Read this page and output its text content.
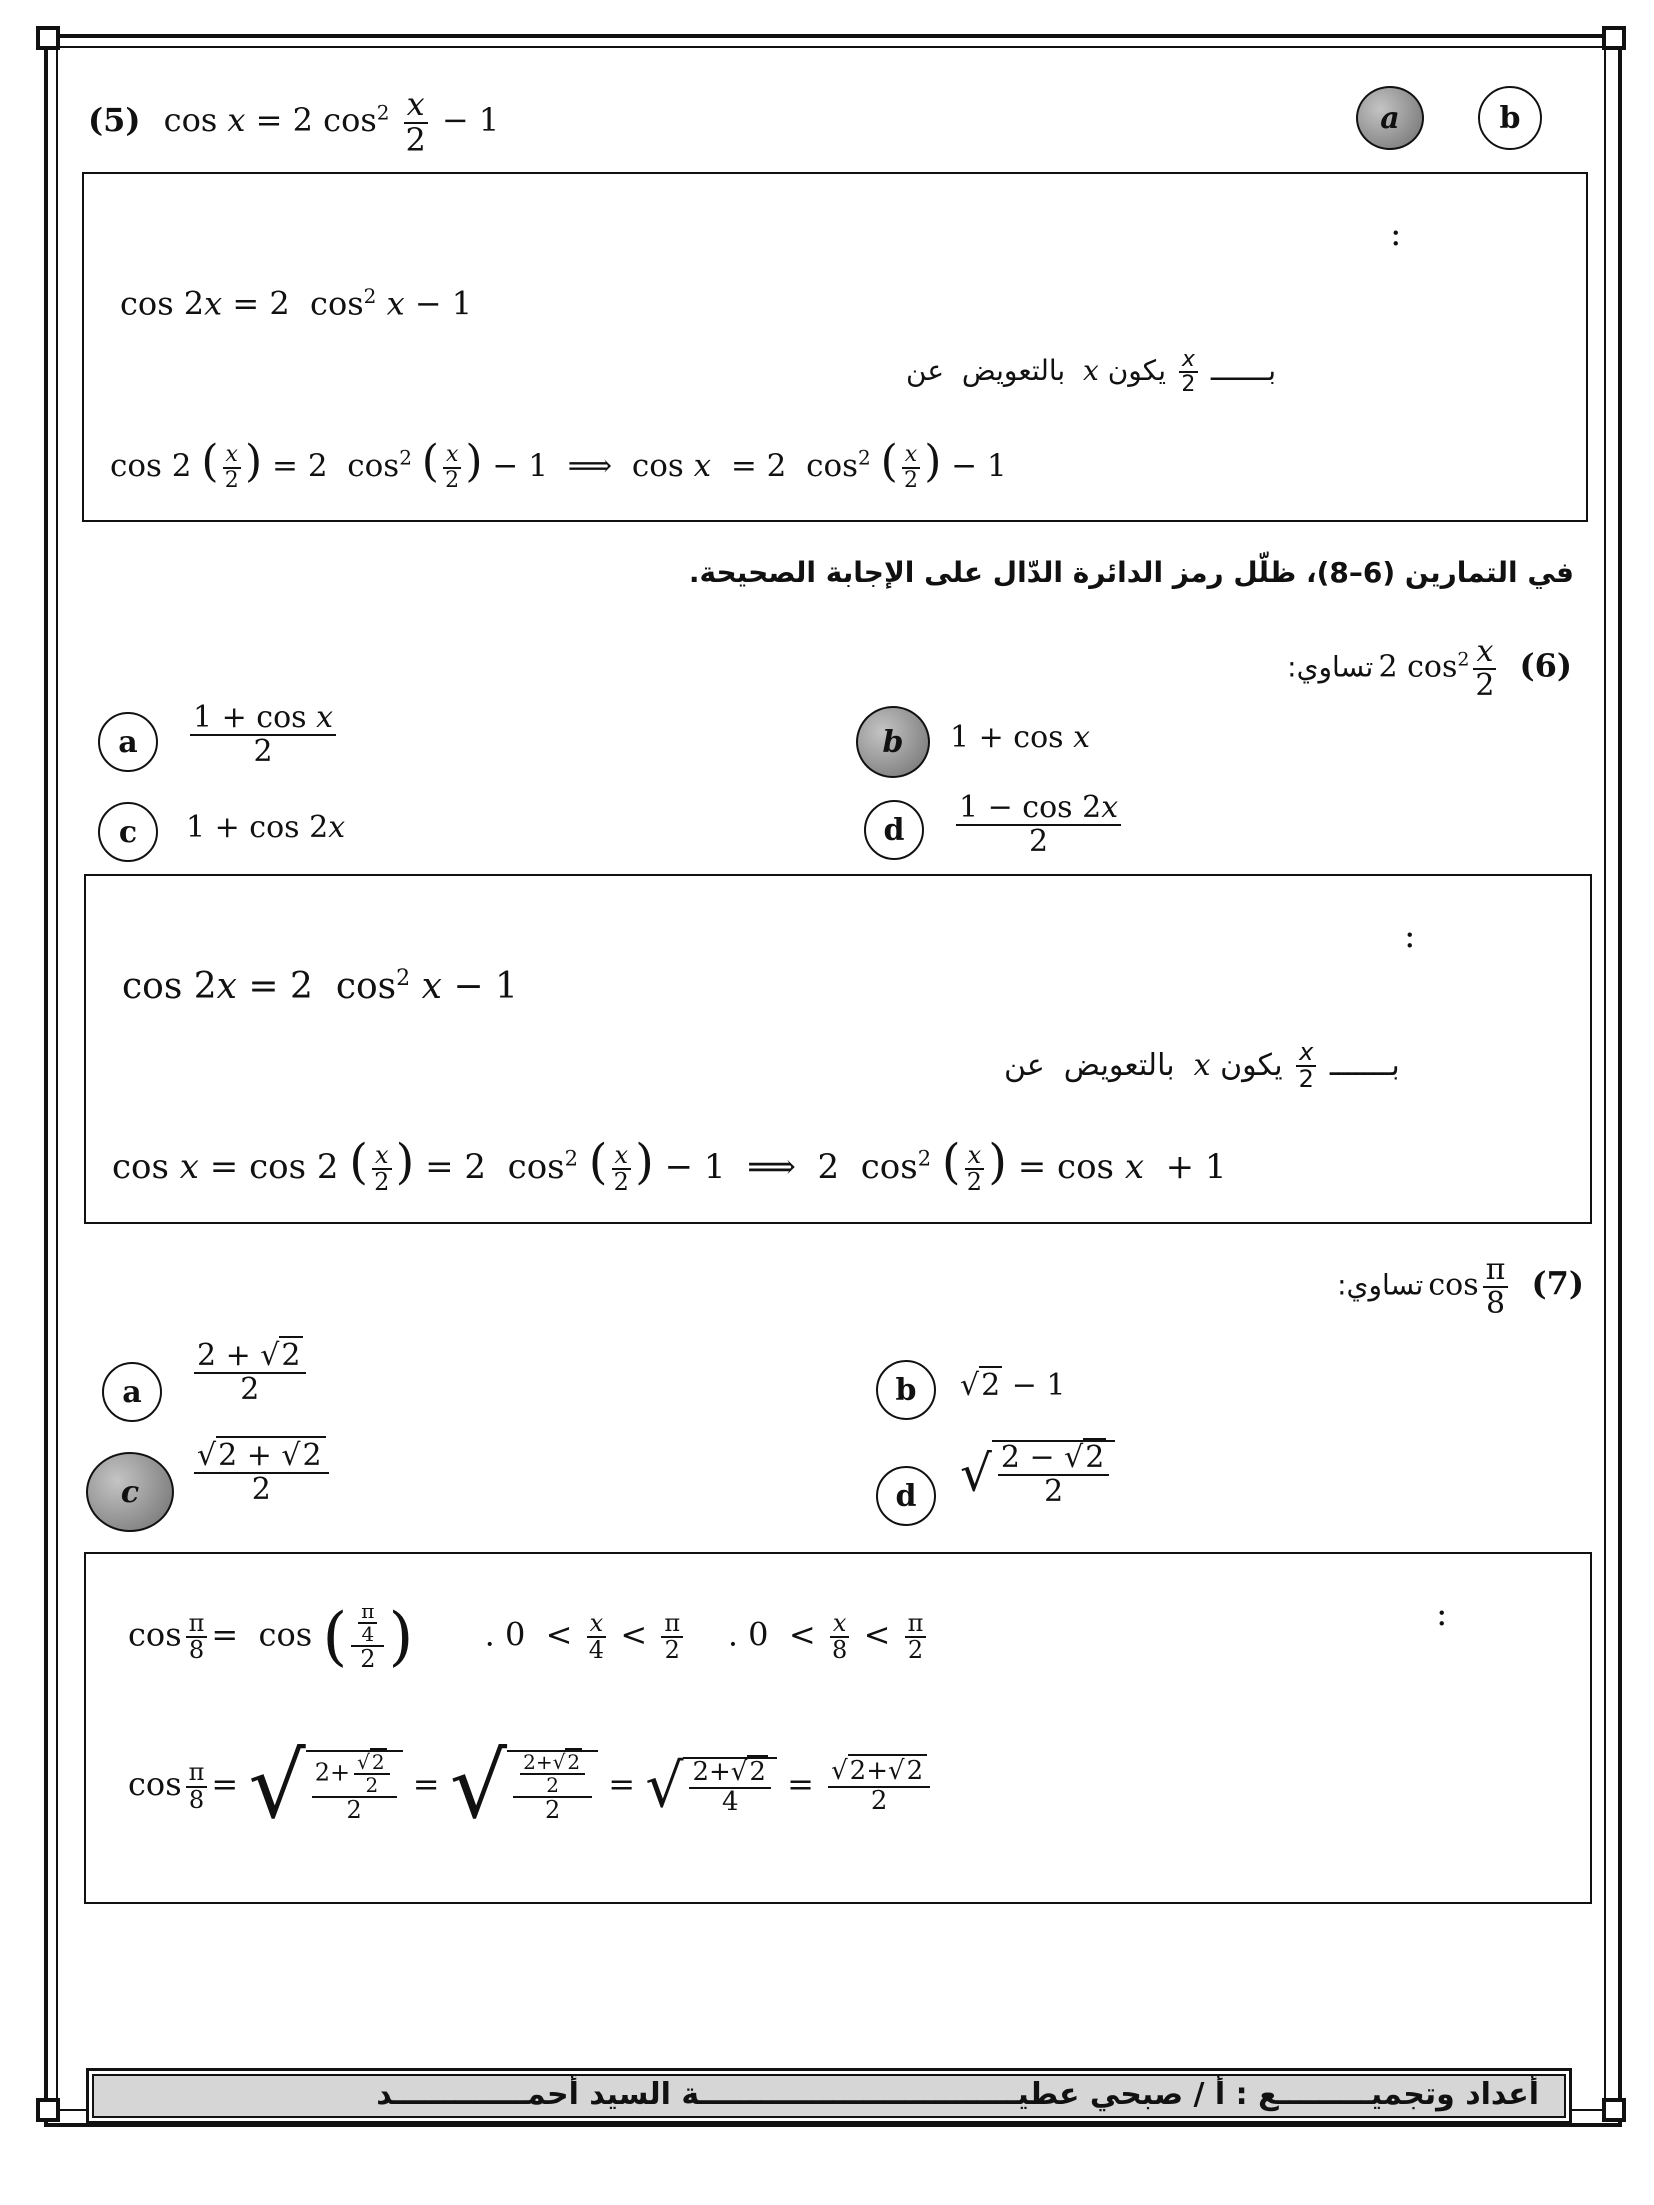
(5) cos x = 2 $\cos^2 \frac{x}{2} - 1$	a	b
:
cos 2x = 2  $\cos^2 x - 1$
بالتعويض  عن  x بـــــــ
$\frac{x}{2}$
يكون
cos 2 ( $\frac{x}{2}$ ) = 2  $\cos^2$ ( $\frac{x}{2}$ ) − 1  ⟹  cos x  = 2  $\cos^2$ ( $\frac{x}{2}$ ) − 1
في التمارين (6–8)، ظلّل رمز الدائرة الدّال على الإجابة الصحيحة.
(6) 2 $\cos^2 \frac{x}{2}$
تساوي:
a $\frac{\text{1 + cos x}}{2}$	b 1 + cos x
c 1 + cos 2x	d $\frac{1 - \cos 2x}{2}$
:
cos 2x = 2  $\cos^2 x - 1$
بالتعويض  عن  x بـــــــ
$\frac{x}{2}$
يكون
cos x = cos 2 ( $\frac{x}{2}$ ) = 2  $\cos^2$ ( $\frac{x}{2}$ ) − 1  ⟹  2  $\cos^2$ ( $\frac{x}{2}$ ) = cos x  + 1
(7) $\cos \frac{\pi}{8}$
تساوي:
a $\frac{2 + √2}{2}$	b √2 − 1
c $\frac{√2 + √2}{2}$	d √ $\frac{2 - √2}{2}$
:
$\cos \frac{\pi}{8} = \cos$ ( $\frac{\frac{\pi}{4}}{2}$ )       . $0 < \frac{x}{4} < \frac{\pi}{2}$ . $0 < \frac{x}{8} < \frac{\pi}{2}$
$\cos \frac{\pi}{8}$ = √ $\frac{2+ \frac{√ 2}{2}}{2}$ = √ $\frac{\frac{2+√ 2}{2}}{2}$ = √ $\frac{2+√2}{4} = \frac{√2+√2}{2}$
أعداد وتجميـــــــــع : أ / صبحي عطيـــــــــــــــــــــــــــــــة السيد أحمـــــــــــــد
